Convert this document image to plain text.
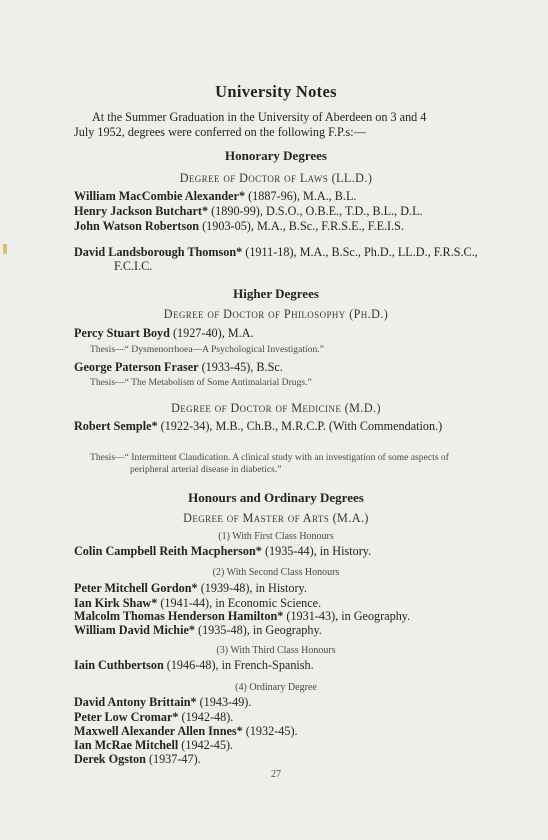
University Notes
At the Summer Graduation in the University of Aberdeen on 3 and 4
July 1952, degrees were conferred on the following F.P.s:—
Honorary Degrees
Degree of Doctor of Laws (LL.D.)
William MacCombie Alexander* (1887-96), M.A., B.L.
Henry Jackson Butchart* (1890-99), D.S.O., O.B.E., T.D., B.L., D.L.
John Watson Robertson (1903-05), M.A., B.Sc., F.R.S.E., F.E.I.S.
David Landsborough Thomson* (1911-18), M.A., B.Sc., Ph.D., LL.D., F.R.S.C., F.C.I.C.
Higher Degrees
Degree of Doctor of Philosophy (Ph.D.)
Percy Stuart Boyd (1927-40), M.A.
Thesis—“ Dysmenorrhoea—A Psychological Investigation.”
George Paterson Fraser (1933-45), B.Sc.
Thesis—“ The Metabolism of Some Antimalarial Drugs.”
Degree of Doctor of Medicine (M.D.)
Robert Semple* (1922-34), M.B., Ch.B., M.R.C.P. (With Commendation.)
Thesis—“ Intermittent Claudication. A clinical study with an investigation of some aspects of peripheral arterial disease in diabetics.”
Honours and Ordinary Degrees
Degree of Master of Arts (M.A.)
(1) With First Class Honours
Colin Campbell Reith Macpherson* (1935-44), in History.
(2) With Second Class Honours
Peter Mitchell Gordon* (1939-48), in History.
Ian Kirk Shaw* (1941-44), in Economic Science.
Malcolm Thomas Henderson Hamilton* (1931-43), in Geography.
William David Michie* (1935-48), in Geography.
(3) With Third Class Honours
Iain Cuthbertson (1946-48), in French-Spanish.
(4) Ordinary Degree
David Antony Brittain* (1943-49).
Peter Low Cromar* (1942-48).
Maxwell Alexander Allen Innes* (1932-45).
Ian McRae Mitchell (1942-45).
Derek Ogston (1937-47).
27
